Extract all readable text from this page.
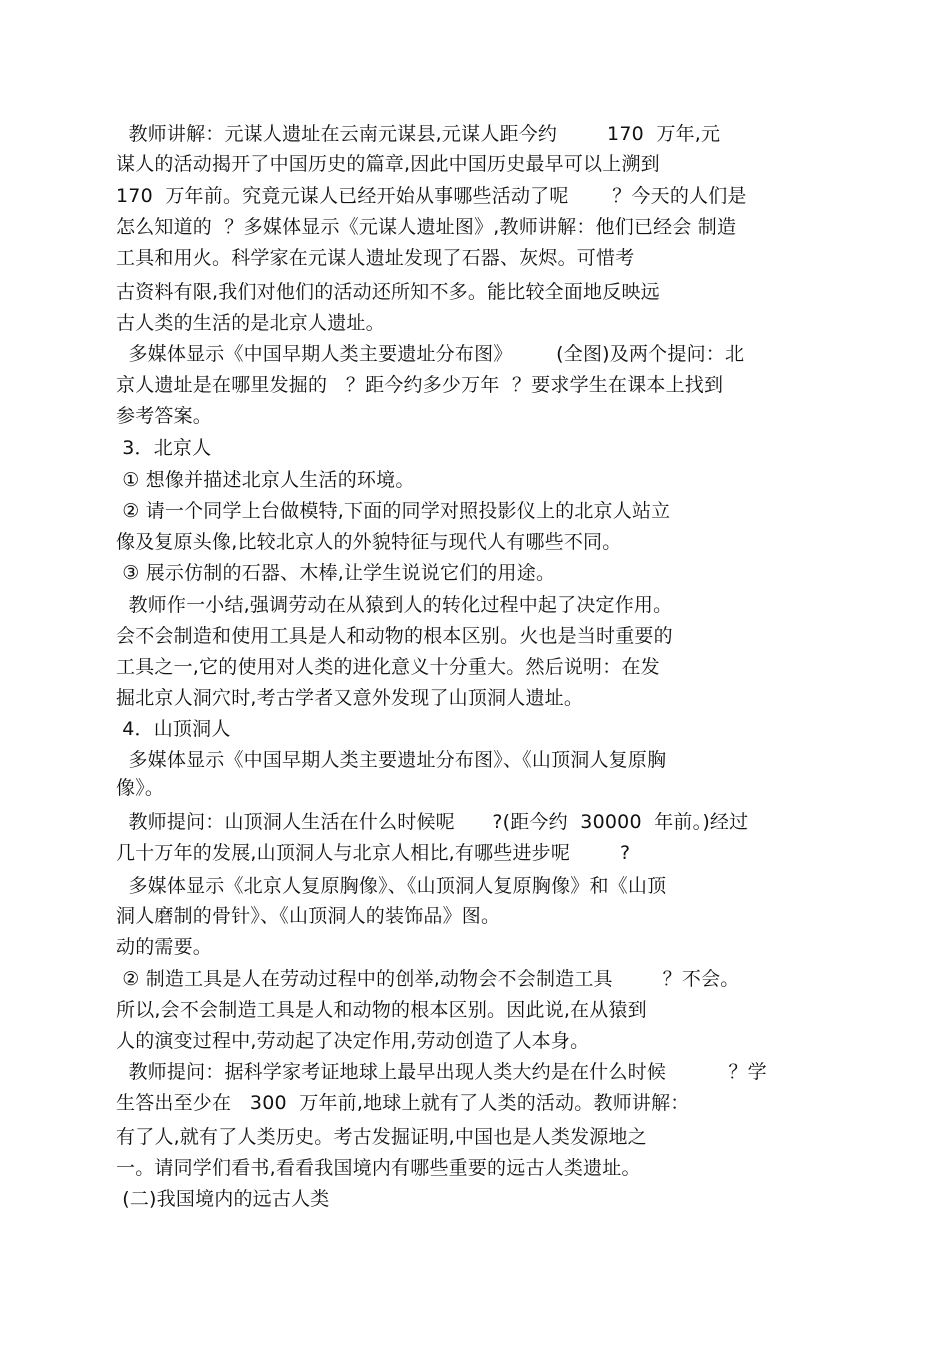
教师讲解：元谋人遗址在云南元谋县,元谋人距今约        170  万年,元
谋人的活动揭开了中国历史的篇章,因此中国历史最早可以上溯到
170  万年前。究竟元谋人已经开始从事哪些活动了呢       ？今天的人们是
怎么知道的  ？多媒体显示《元谋人遗址图》,教师讲解：他们已经会 制造
工具和用火。科学家在元谋人遗址发现了石器、灰烬。可惜考
古资料有限,我们对他们的活动还所知不多。能比较全面地反映远
古人类的生活的是北京人遗址。
多媒体显示《中国早期人类主要遗址分布图》       (全图)及两个提问：北
京人遗址是在哪里发掘的   ？距今约多少万年  ？要求学生在课本上找到
参考答案。
3．北京人
① 想像并描述北京人生活的环境。
② 请一个同学上台做模特,下面的同学对照投影仪上的北京人站立
像及复原头像,比较北京人的外貌特征与现代人有哪些不同。
③ 展示仿制的石器、木棒,让学生说说它们的用途。
教师作一小结,强调劳动在从猿到人的转化过程中起了决定作用。
会不会制造和使用工具是人和动物的根本区别。火也是当时重要的
工具之一,它的使用对人类的进化意义十分重大。然后说明：在发
掘北京人洞穴时,考古学者又意外发现了山顶洞人遗址。
4．山顶洞人
多媒体显示《中国早期人类主要遗址分布图》、《山顶洞人复原胸
像》。
教师提问：山顶洞人生活在什么时候呢      ?(距今约  30000  年前。)经过
几十万年的发展,山顶洞人与北京人相比,有哪些进步呢        ?
多媒体显示《北京人复原胸像》、《山顶洞人复原胸像》和《山顶
洞人磨制的骨针》、《山顶洞人的装饰品》图。
动的需要。
② 制造工具是人在劳动过程中的创举,动物会不会制造工具        ？不会。
所以,会不会制造工具是人和动物的根本区别。因此说,在从猿到
人的演变过程中,劳动起了决定作用,劳动创造了人本身。
教师提问：据科学家考证地球上最早出现人类大约是在什么时候          ？学
生答出至少在   300  万年前,地球上就有了人类的活动。教师讲解：
有了人,就有了人类历史。考古发掘证明,中国也是人类发源地之
一。请同学们看书,看看我国境内有哪些重要的远古人类遗址。
(二)我国境内的远古人类
